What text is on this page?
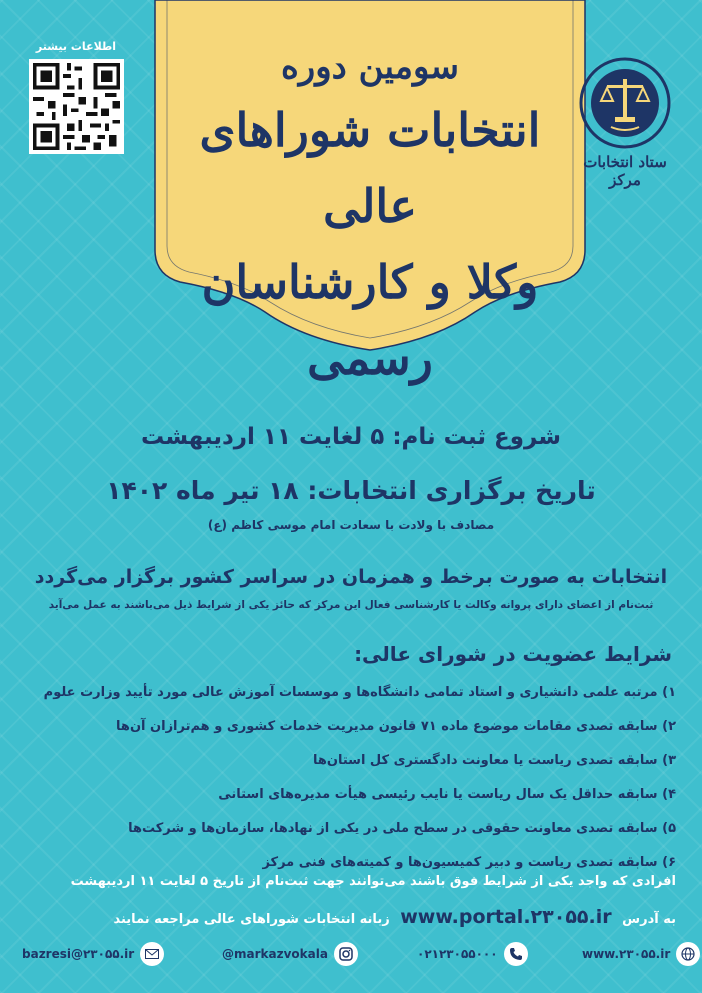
سومین دوره
انتخابات شوراهای عالی
وکلا و کارشناسان رسمی
اطلاعات بیشتر
ستاد انتخابات مرکز
شروع ثبت نام: ۵ لغایت ۱۱ اردیبهشت
تاریخ برگزاری انتخابات: ۱۸ تیر ماه ۱۴۰۲
مصادف با ولادت با سعادت امام موسی کاظم (ع)
انتخابات به صورت برخط و همزمان در سراسر کشور برگزار می‌گردد
ثبت‌نام از اعضای دارای پروانه وکالت یا کارشناسی فعال این مرکز که حائز یکی از شرایط ذیل می‌باشند به عمل می‌آید
شرایط عضویت در شورای عالی:
۱) مرتبه علمی دانشیاری و استاد تمامی دانشگاه‌ها و موسسات آموزش عالی مورد تأیید وزارت علوم
۲) سابقه تصدی مقامات موضوع ماده ۷۱ قانون مدیریت خدمات کشوری و هم‌ترازان آن‌ها
۳) سابقه تصدی ریاست یا معاونت دادگستری کل استان‌ها
۴) سابقه حداقل یک سال ریاست یا نایب رئیسی هیأت مدیره‌های استانی
۵) سابقه تصدی معاونت حقوقی در سطح ملی در یکی از نهادها، سازمان‌ها و شرکت‌ها
۶) سابقه تصدی ریاست و دبیر کمیسیون‌ها و کمیته‌های فنی مرکز
افرادی که واجد یکی از شرایط فوق باشند می‌توانند جهت ثبت‌نام از تاریخ ۵ لغایت ۱۱ اردیبهشت
به آدرس www.portal.۲۳۰۵۵.ir زبانه انتخابات شوراهای عالی مراجعه نمایند
bazresi@۲۳۰۵۵.ir	@markazvokala	۰۲۱۲۳۰۵۵۰۰۰	www.۲۳۰۵۵.ir
